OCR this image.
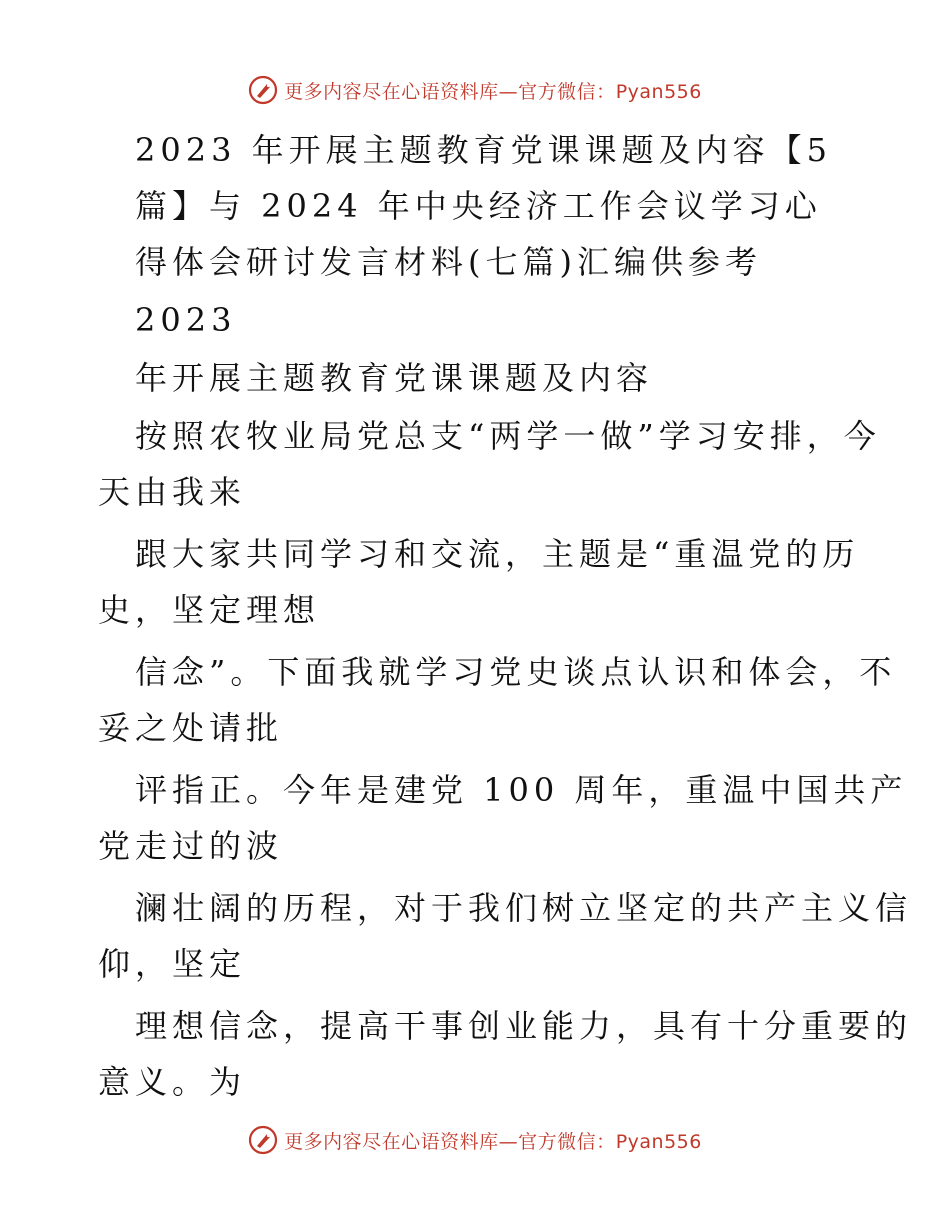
更多内容尽在心语资料库—官方微信：Pyan556
2023 年开展主题教育党课课题及内容【5
篇】与 2024 年中央经济工作会议学习心
得体会研讨发言材料(七篇)汇编供参考
2023
年开展主题教育党课课题及内容
按照农牧业局党总支“两学一做”学习安排，今
天由我来
跟大家共同学习和交流，主题是“重温党的历
史，坚定理想
信念”。下面我就学习党史谈点认识和体会，不
妥之处请批
评指正。今年是建党 100 周年，重温中国共产
党走过的波
澜壮阔的历程，对于我们树立坚定的共产主义信
仰，坚定
理想信念，提高干事创业能力，具有十分重要的
意义。为
更多内容尽在心语资料库—官方微信：Pyan556
